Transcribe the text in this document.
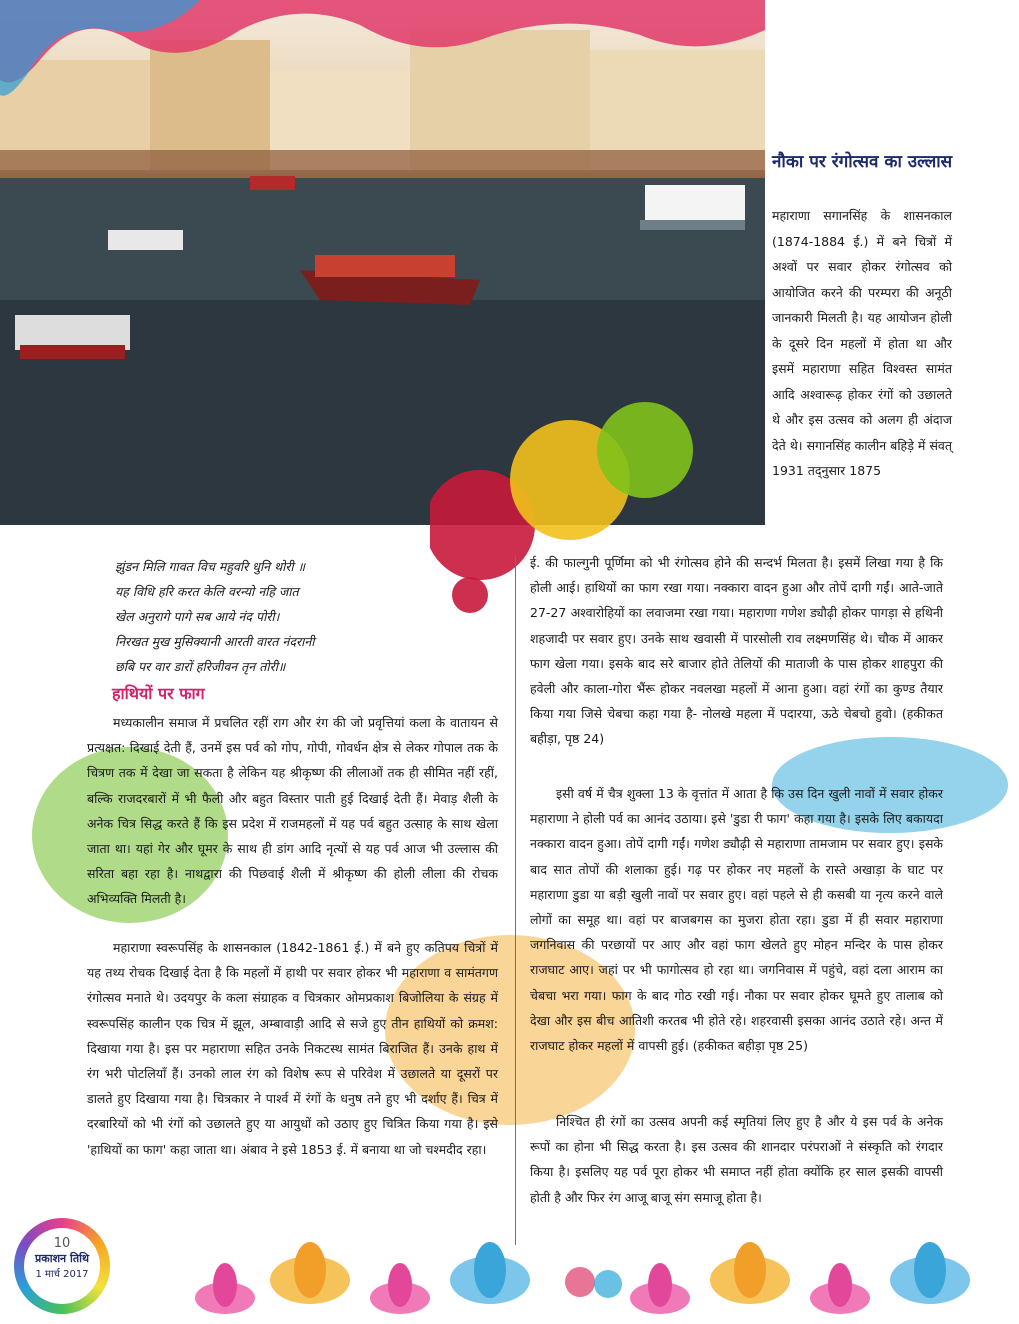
नौका पर रंगोत्सव का उल्लास

महाराणा सगानसिंह के शासनकाल (1874-1884 ई.) में बने चित्रों में अश्वों पर सवार होकर रंगोत्सव को आयोजित करने की परम्परा की अनूठी जानकारी मिलती है। यह आयोजन होली के दूसरे दिन महलों में होता था और इसमें महाराणा सहित विश्वस्त सामंत आदि अश्वारूढ़ होकर रंगों को उछालते थे और इस उत्सव को अलग ही अंदाज देते थे। सगानसिंह कालीन बहिड़े में संवत् 1931 तद्नुसार 1875

झुंडन मिलि गावत विच महुवरि धुनि थोरी ॥
यह विधि हरि करत केलि वरन्यो नहि जात
खेल अनुरागे पागे सब आये नंद पोरी।
निरखत मुख मुसिक्यानी आरती वारत नंदरानी
छबि पर वार डारों हरिजीवन तृन तोरी॥
हाथियों पर फाग

मध्यकालीन समाज में प्रचलित रहीं राग और रंग की जो प्रवृत्तियां कला के वातायन से प्रत्यक्षत: दिखाई देती हैं, उनमें इस पर्व को गोप, गोपी, गोवर्धन क्षेत्र से लेकर गोपाल तक के चित्रण तक में देखा जा सकता है लेकिन यह श्रीकृष्ण की लीलाओं तक ही सीमित नहीं रहीं, बल्कि राजदरबारों में भी फैली और बहुत विस्तार पाती हुई दिखाई देती हैं। मेवाड़ शैली के अनेक चित्र सिद्ध करते हैं कि इस प्रदेश में राजमहलों में यह पर्व बहुत उत्साह के साथ खेला जाता था। यहां गेर और घूमर के साथ ही डांग आदि नृत्यों से यह पर्व आज भी उल्लास की सरिता बहा रहा है। नाथद्वारा की पिछवाई शैली में श्रीकृष्ण की होली लीला की रोचक अभिव्यक्ति मिलती है।

महाराणा स्वरूपसिंह के शासनकाल (1842-1861 ई.) में बने हुए कतिपय चित्रों में यह तथ्य रोचक दिखाई देता है कि महलों में हाथी पर सवार होकर भी महाराणा व सामंतगण रंगोत्सव मनाते थे। उदयपुर के कला संग्राहक व चित्रकार ओमप्रकाश बिजोलिया के संग्रह में स्वरूपसिंह कालीन एक चित्र में झूल, अम्बावाड़ी आदि से सजे हुए तीन हाथियों को क्रमश: दिखाया गया है। इस पर महाराणा सहित उनके निकटस्थ सामंत बिराजित हैं। उनके हाथ में रंग भरी पोटलियाँ हैं। उनको लाल रंग को विशेष रूप से परिवेश में उछालते या दूसरों पर डालते हुए दिखाया गया है। चित्रकार ने पार्श्व में रंगों के धनुष तने हुए भी दर्शाए हैं। चित्र में दरबारियों को भी रंगों को उछालते हुए या आयुधों को उठाए हुए चित्रित किया गया है। इसे 'हाथियों का फाग' कहा जाता था। अंबाव ने इसे 1853 ई. में बनाया था जो चश्मदीद रहा।

ई. की फाल्गुनी पूर्णिमा को भी रंगोत्सव होने की सन्दर्भ मिलता है। इसमें लिखा गया है कि होली आई। हाथियों का फाग रखा गया। नक्कारा वादन हुआ और तोपें दागी गईं। आते-जाते 27-27 अश्वारोहियों का लवाजमा रखा गया। महाराणा गणेश ड्यौढ़ी होकर पागड़ा से हथिनी शहजादी पर सवार हुए। उनके साथ खवासी में पारसोली राव लक्ष्मणसिंह थे। चौक में आकर फाग खेला गया। इसके बाद सरे बाजार होते तेलियों की माताजी के पास होकर शाहपुरा की हवेली और काला-गोरा भैंरू होकर नवलखा महलों में आना हुआ। वहां रंगों का कुण्ड तैयार किया गया जिसे चेबचा कहा गया है- नोलखे महला में पदारया, ऊठे चेबचो हुवो। (हकीकत बहीड़ा, पृष्ठ 24)

इसी वर्ष में चैत्र शुक्ला 13 के वृत्तांत में आता है कि उस दिन खुली नावों में सवार होकर महाराणा ने होली पर्व का आनंद उठाया। इसे 'डुडा री फाग' कहा गया है। इसके लिए बकायदा नक्कारा वादन हुआ। तोपें दागी गईं। गणेश ड्यौढ़ी से महाराणा तामजाम पर सवार हुए। इसके बाद सात तोपों की शलाका हुई। गढ़ पर होकर नए महलों के रास्ते अखाड़ा के घाट पर महाराणा डुडा या बड़ी खुली नावों पर सवार हुए। वहां पहले से ही कसबी या नृत्य करने वाले लोगों का समूह था। वहां पर बाजबगस का मुजरा होता रहा। डुडा में ही सवार महाराणा जगनिवास की परछायों पर आए और वहां फाग खेलते हुए मोहन मन्दिर के पास होकर राजघाट आए। जहां पर भी फागोत्सव हो रहा था। जगनिवास में पहुंचे, वहां दला आराम का चेबचा भरा गया। फाग के बाद गोठ रखी गई। नौका पर सवार होकर घूमते हुए तालाब को देखा और इस बीच आतिशी करतब भी होते रहे। शहरवासी इसका आनंद उठाते रहे। अन्त में राजघाट होकर महलों में वापसी हुई। (हकीकत बहीड़ा पृष्ठ 25)

निश्चित ही रंगों का उत्सव अपनी कई स्मृतियां लिए हुए है और ये इस पर्व के अनेक रूपों का होना भी सिद्ध करता है। इस उत्सव की शानदार परंपराओं ने संस्कृति को रंगदार किया है। इसलिए यह पर्व पूरा होकर भी समाप्त नहीं होता क्योंकि हर साल इसकी वापसी होती है और फिर रंग आजू बाजू संग समाजू होता है।

10
प्रकाशन तिथि
1 मार्च 2017
